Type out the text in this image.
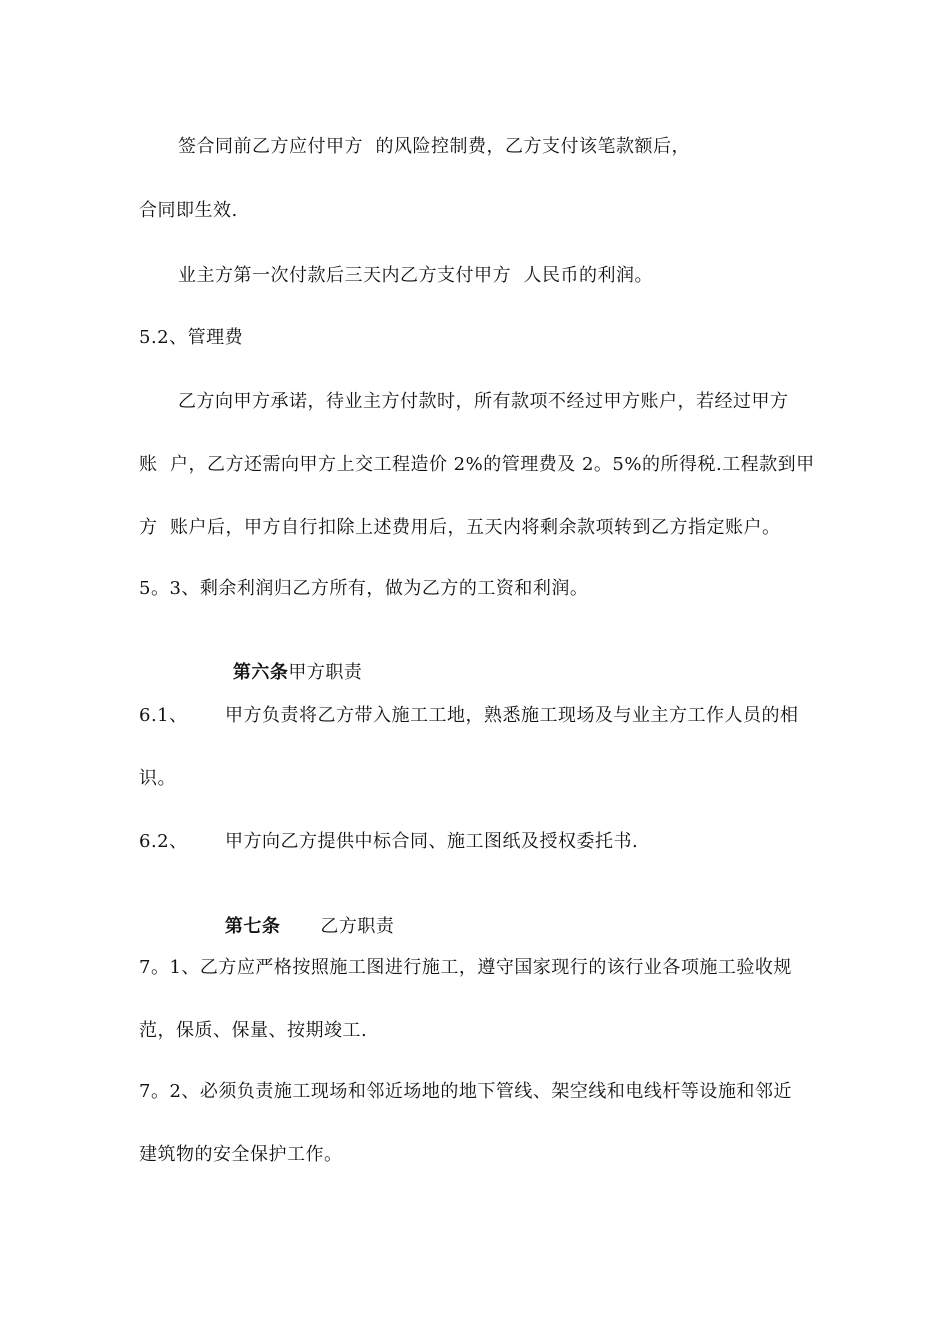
签合同前乙方应付甲方  的风险控制费，乙方支付该笔款额后，
合同即生效.
业主方第一次付款后三天内乙方支付甲方  人民币的利润。
5.2、管理费
乙方向甲方承诺，待业主方付款时，所有款项不经过甲方账户，若经过甲方
账  户，乙方还需向甲方上交工程造价 2%的管理费及 2。5%的所得税.工程款到甲
方  账户后，甲方自行扣除上述费用后，五天内将剩余款项转到乙方指定账户。
5。3、剩余利润归乙方所有，做为乙方的工资和利润。

第六条甲方职责

6.1、      甲方负责将乙方带入施工工地，熟悉施工现场及与业主方工作人员的相
识。
6.2、      甲方向乙方提供中标合同、施工图纸及授权委托书.

第七条 乙方职责

7。1、乙方应严格按照施工图进行施工，遵守国家现行的该行业各项施工验收规
范，保质、保量、按期竣工.
7。2、必须负责施工现场和邻近场地的地下管线、架空线和电线杆等设施和邻近
建筑物的安全保护工作。
